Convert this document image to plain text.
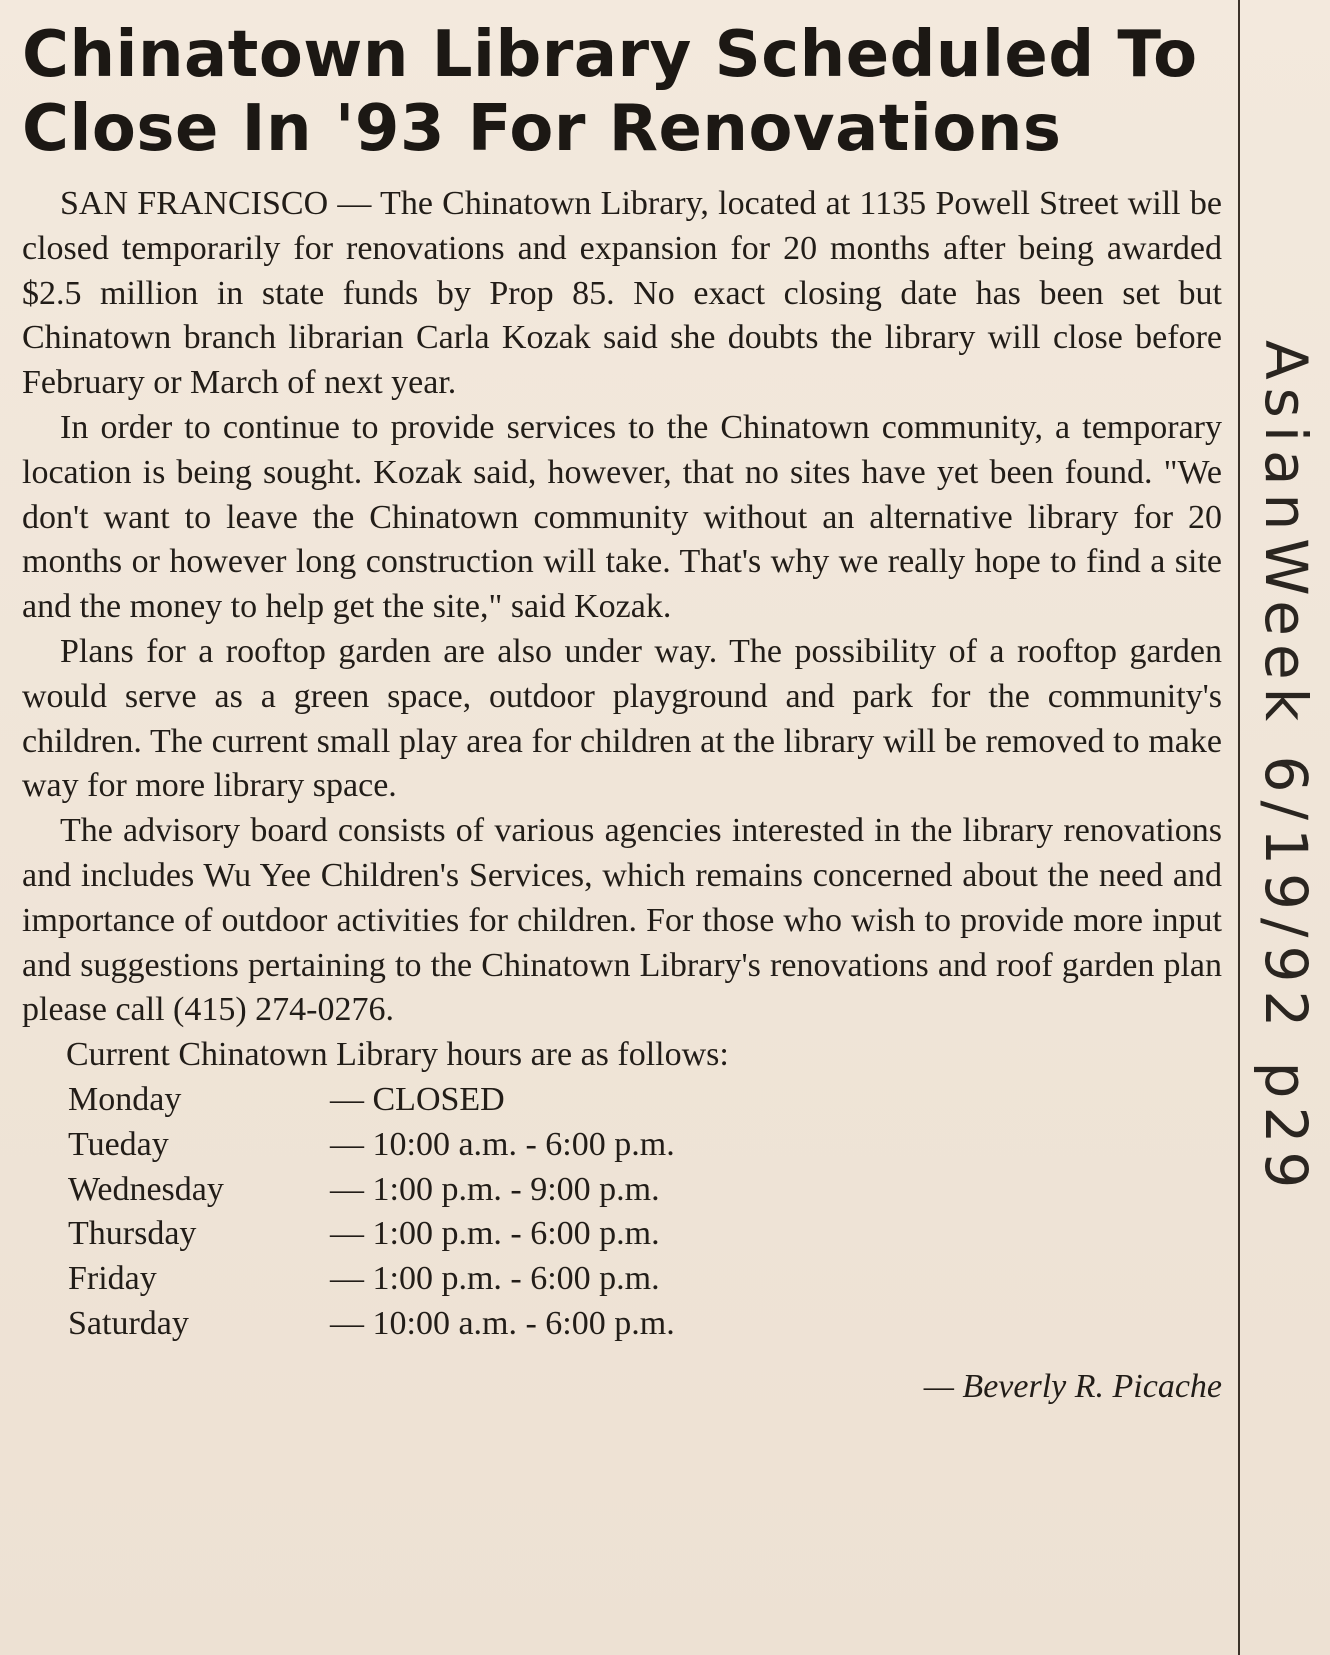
Chinatown Library Scheduled To
Close In '93 For Renovations

SAN FRANCISCO — The Chinatown Library, located at 1135 Powell Street will be closed temporarily for renovations and expansion for 20 months after being awarded $2.5 million in state funds by Prop 85. No exact closing date has been set but Chinatown branch librarian Carla Kozak said she doubts the library will close before February or March of next year.

In order to continue to provide services to the Chinatown community, a temporary location is being sought. Kozak said, however, that no sites have yet been found. "We don't want to leave the Chinatown community without an alternative library for 20 months or however long construction will take. That's why we really hope to find a site and the money to help get the site," said Kozak.

Plans for a rooftop garden are also under way. The possibility of a rooftop garden would serve as a green space, outdoor playground and park for the community's children. The current small play area for children at the library will be removed to make way for more library space.

The advisory board consists of various agencies interested in the library renovations and includes Wu Yee Children's Services, which remains concerned about the need and importance of outdoor activities for children. For those who wish to provide more input and suggestions pertaining to the Chinatown Library's renovations and roof garden plan please call (415) 274-0276.

Current Chinatown Library hours are as follows:
Monday	— CLOSED
Tueday	— 10:00 a.m. - 6:00 p.m.
Wednesday	— 1:00 p.m. - 9:00 p.m.
Thursday	— 1:00 p.m. - 6:00 p.m.
Friday	— 1:00 p.m. - 6:00 p.m.
Saturday	— 10:00 a.m. - 6:00 p.m.
— Beverly R. Picache
AsianWeek 6/19/92 p29
